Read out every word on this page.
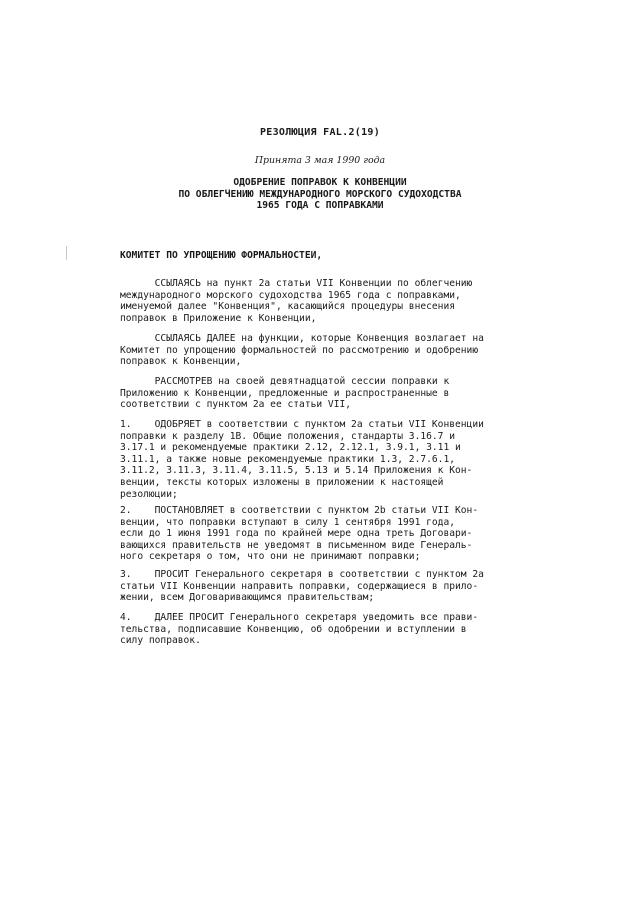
РЕЗОЛЮЦИЯ FAL.2(19)
Принята 3 мая 1990 года
ОДОБРЕНИЕ ПОПРАВОК К КОНВЕНЦИИ
ПО ОБЛЕГЧЕНИЮ МЕЖДУНАРОДНОГО МОРСКОГО СУДОХОДСТВА
1965 ГОДА С ПОПРАВКАМИ
КОМИТЕТ ПО УПРОЩЕНИЮ ФОРМАЛЬНОСТЕЙ,
ССЫЛАЯСЬ на пункт 2a статьи VII Конвенции по облегчению
международного морского судоходства 1965 года с поправками,
именуемой далее "Конвенция", касающийся процедуры внесения
поправок в Приложение к Конвенции,
ССЫЛАЯСЬ ДАЛЕЕ на функции, которые Конвенция возлагает на
Комитет по упрощению формальностей по рассмотрению и одобрению
поправок к Конвенции,
РАССМОТРЕВ на своей девятнадцатой сессии поправки к
Приложению к Конвенции, предложенные и распространенные в
соответствии с пунктом 2a ее статьи VII,
1.    ОДОБРЯЕТ в соответствии с пунктом 2a статьи VII Конвенции
поправки к разделу 1B. Общие положения, стандарты 3.16.7 и
3.17.1 и рекомендуемые практики 2.12, 2.12.1, 3.9.1, 3.11 и
3.11.1, а также новые рекомендуемые практики 1.3, 2.7.6.1,
3.11.2, 3.11.3, 3.11.4, 3.11.5, 5.13 и 5.14 Приложения к Кон-
венции, тексты которых изложены в приложении к настоящей
резолюции;
2.    ПОСТАНОВЛЯЕТ в соответствии с пунктом 2b статьи VII Кон-
венции, что поправки вступают в силу 1 сентября 1991 года,
если до 1 июня 1991 года по крайней мере одна треть Договари-
вающихся правительств не уведомят в письменном виде Генераль-
ного секретаря о том, что они не принимают поправки;
3.    ПРОСИТ Генерального секретаря в соответствии с пунктом 2a
статьи VII Конвенции направить поправки, содержащиеся в прило-
жении, всем Договаривающимся правительствам;
4.    ДАЛЕЕ ПРОСИТ Генерального секретаря уведомить все прави-
тельства, подписавшие Конвенцию, об одобрении и вступлении в
силу поправок.
